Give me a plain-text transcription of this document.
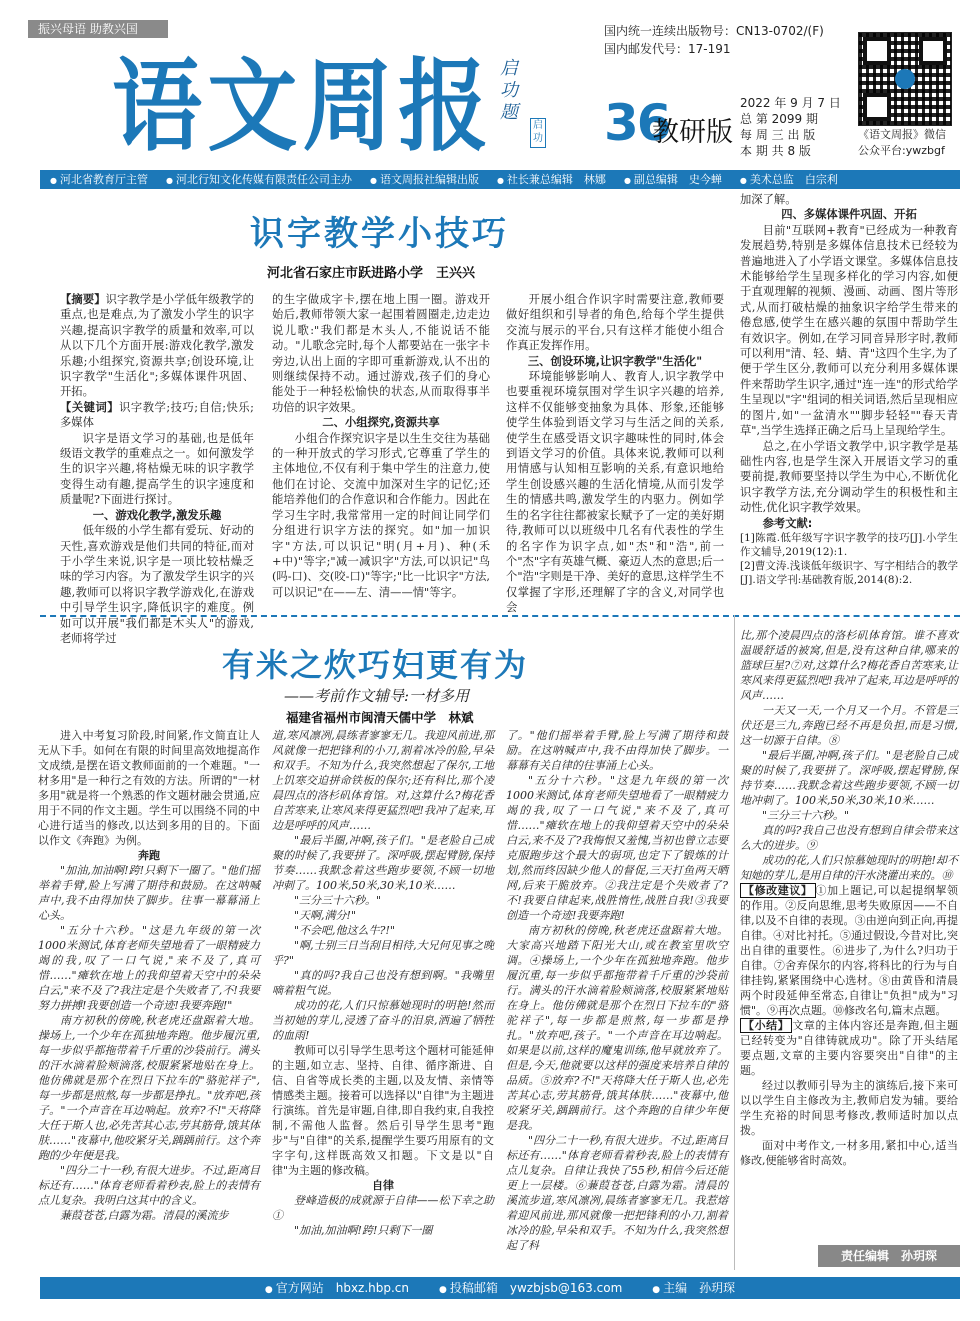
振兴母语 助教兴国
语文周报 启功题
启功
国内统一连续出版物号：CN13-0702/(F)
国内邮发代号：17-191
36
教研版
2022 年 9 月 7 日
总 第 2099 期
每 周 三 出 版
本 期 共 8 版
《语文周报》微信
公众平台:ywzbgf
● 河北省教育厅主管	● 河北行知文化传媒有限责任公司主办	● 语文周报社编辑出版	● 社长兼总编辑　林娜	● 副总编辑　史今蝉	● 美术总监　白宗利
识字教学小技巧
河北省石家庄市跃进路小学　王兴兴

【摘要】识字教学是小学低年级教学的重点,也是难点,为了激发小学生的识字兴趣,提高识字教学的质量和效率,可以从以下几个方面开展:游戏化教学,激发乐趣;小组探究,资源共享;创设环境,让识字教学"生活化";多媒体课件巩固、开拓。

【关键词】识字教学;技巧;自信;快乐;多媒体

识字是语文学习的基础,也是低年级语文教学的重难点之一。如何激发学生的识字兴趣,将枯燥无味的识字教学变得生动有趣,提高学生的识字速度和质量呢?下面进行探讨。

一、游戏化教学,激发乐趣

低年级的小学生都有爱玩、好动的天性,喜欢游戏是他们共同的特征,而对于小学生来说,识字是一项比较枯燥乏味的学习内容。为了激发学生识字的兴趣,教师可以将识字教学游戏化,在游戏中引导学生识字,降低识字的难度。例如可以开展"我们都是木头人"的游戏,老师将学过

的生字做成字卡,摆在地上围一圈。游戏开始后,教师带领大家一起围着圆圈走,边走边说儿歌:"我们都是木头人,不能说话不能动。"儿歌念完时,每个人都要站在一张字卡旁边,认出上面的字即可重新游戏,认不出的则继续保持不动。通过游戏,孩子们的身心能处于一种轻松愉快的状态,从而取得事半功倍的识字效果。

二、小组探究,资源共享

小组合作探究识字是以生生交往为基础的一种开放式的学习形式,它尊重了学生的主体地位,不仅有利于集中学生的注意力,使他们在讨论、交流中加深对生字的记忆;还能培养他们的合作意识和合作能力。因此在学习生字时,我常常用一定的时间让同学们分组进行识字方法的探究。如"加一加识字"方法,可以识记"明(月+月)、种(禾+中)"等字;"减一减识字"方法,可以识记"鸟(吗-口)、交(咬-口)"等字;"比一比识字"方法,可以识记"在——左、清——情"等字。

开展小组合作识字时需要注意,教师要做好组织和引导者的角色,给每个学生提供交流与展示的平台,只有这样才能使小组合作真正发挥作用。

三、创设环境,让识字教学"生活化"

环境能够影响人、教育人,识字教学中也要重视环境氛围对学生识字兴趣的培养,这样不仅能够变抽象为具体、形象,还能够使学生体验到语文学习与生活之间的关系,使学生在感受语文识字趣味性的同时,体会到语文学习的价值。具体来说,教师可以利用情感与认知相互影响的关系,有意识地给学生创设感兴趣的生活化情境,从而引发学生的情感共鸣,激发学生的内驱力。例如学生的名字往往都被家长赋予了一定的美好期待,教师可以以班级中几名有代表性的学生的名字作为识字点,如"杰"和"浩",前一个"杰"字有英雄气概、豪迈人杰的意思;后一个"浩"字则是干净、美好的意思,这样学生不仅掌握了字形,还理解了字的含义,对同学也会

加深了解。

四、多媒体课件巩固、开拓

目前"互联网+教育"已经成为一种教育发展趋势,特别是多媒体信息技术已经较为普遍地进入了小学语文课堂。多媒体信息技术能够给学生呈现多样化的学习内容,如便于直观理解的视频、漫画、动画、图片等形式,从而打破枯燥的抽象识字给学生带来的倦怠感,使学生在感兴趣的氛围中帮助学生有效识字。例如,在学习同音异形字时,教师可以利用"清、轻、蜻、青"这四个生字,为了便于学生区分,教师可以充分利用多媒体课件来帮助学生识字,通过"连一连"的形式给学生呈现以"字"组词的相关词语,然后呈现相应的图片,如"一盆清水""脚步轻轻""春天青草",当学生选择正确之后马上呈现给学生。

总之,在小学语文教学中,识字教学是基础性内容,也是学生深入开展语文学习的重要前提,教师要坚持以学生为中心,不断优化识字教学方法,充分调动学生的积极性和主动性,优化识字教学效果。

参考文献:

[1]陈霞.低年级写字识字教学的技巧[J].小学生作文辅导,2019(12):1.

[2]曹文涛.浅谈低年级识字、写字相结合的教学[J].语文学刊:基础教育版,2014(8):2.

有米之炊巧妇更有为
——考前作文辅导:一材多用
福建省福州市闽清天儒中学　林斌

进入中考复习阶段,时间紧,作文简直让人无从下手。如何在有限的时间里高效地提高作文成绩,是摆在语文教师面前的一个难题。"一材多用"是一种行之有效的方法。所谓的"一材多用"就是将一个熟悉的作文题材融会贯通,应用于不同的作文主题。学生可以围绕不同的中心进行适当的修改,以达到多用的目的。下面以作文《奔跑》为例。

奔跑

"加油,加油啊!跨!只剩下一圈了。"他们摇举着手臂,脸上写满了期待和鼓励。在这呐喊声中,我不由得加快了脚步。往事一幕幕涌上心头。

"五分十六秒。"这是九年级的第一次1000米测试,体育老师失望地看了一眼精疲力竭的我,叹了一口气说,"来不及了,真可惜……"瘫软在地上的我仰望着天空中的朵朵白云,"来不及了?我注定是个失败者了,不!我要努力拼搏!我要创造一个奇迹!我要奔跑!"

南方初秋的傍晚,秋老虎还盘踞着大地。操场上,一个少年在孤独地奔跑。他步履沉重,每一步似乎都拖带着千斤重的沙袋前行。满头的汗水滴着脸颊滴落,校服紧紧地贴在身上。他仿佛就是那个在烈日下拉车的"骆驼祥子",每一步都是煎熬,每一步都是挣扎。"放弃吧,孩子。"一个声音在耳边响起。放弃?不!"天将降大任于斯人也,必先苦其心志,劳其筋骨,饿其体肤……"夜幕中,他咬紧牙关,踽踽前行。这个奔跑的少年便是我。

"四分二十一秒,有很大进步。不过,距离目标还有……"体育老师看着秒表,脸上的表情有点儿复杂。我明白这其中的含义。

蒹葭苍苍,白露为霜。清晨的溪流步

道,寒风凛冽,晨练者寥寥无几。我迎风前进,那风就像一把把锋利的小刀,割着冰冷的脸,早朵和双手。不知为什么,我突然想起了保尔,工地上饥寒交迫拼命铁板的保尔;还有科比,那个凌晨四点的洛杉矶体育馆。对,这算什么?梅花香自苦寒来,让寒风来得更猛烈吧!我冲了起来,耳边是呼呼的风声……

"最后半圈,冲啊,孩子们。"是老脸自己成聚的时候了,我要拼了。深呼吸,摆起臂膀,保持节奏……我默念着这些跑步要领,不顾一切地冲刺了。100米,50米,30米,10米……

"三分三十六秒。"

"天啊,满分!"

"不会吧,他这么牛?!"

"啊,士别三日当刮目相待,大兄何见事之晚乎?"

"真的吗?我自己也没有想到啊。"我嘴里嘀着粗气说。

成功的花,人们只惊慕她现时的明艳!然而当初她的芽儿,浸透了奋斗的泪泉,洒遍了牺牲的血雨!

教师可以引导学生思考这个题材可能延伸的主题,如立志、坚持、自律、循序渐进、自信、自省等成长类的主题,以及友情、亲情等情感类主题。接着可以选择以"自律"为主题进行演练。首先是审题,自律,即自我约束,自我控制,不需他人监督。然后引导学生思考"跑步"与"自律"的关系,提醒学生要巧用原有的文字字句,这样既高效又扣题。下文是以"自律"为主题的修改稿。

自律

登峰造极的成就源于自律——松下幸之助①

"加油,加油啊!跨!只剩下一圈

了。"他们摇举着手臂,脸上写满了期待和鼓励。在这呐喊声中,我不由得加快了脚步。一幕幕有关自律的往事涌上心头。

"五分十六秒。"这是九年级的第一次1000米测试,体育老师失望地看了一眼精疲力竭的我,叹了一口气说,"来不及了,真可惜……"瘫软在地上的我仰望着天空中的朵朵白云,来不及了?我悔恨又羞愧,当初也曾立志要克服跑步这个最大的弱项,也定下了锻炼的计划,然而终因缺少他人的督促,三天打鱼两天晒网,后来干脆放弃。②我注定是个失败者了?不!我要自律起来,战胜惰性,战胜自我!③我要创造一个奇迹!我要奔跑!

南方初秋的傍晚,秋老虎还盘踞着大地。大家高兴地踏下阳光大山,或在教室里吹空调。④操场上,一个少年在孤独地奔跑。他步履沉重,每一步似乎都拖带着千斤重的沙袋前行。满头的汗水滴着脸颊滴落,校服紧紧地贴在身上。他仿佛就是那个在烈日下拉车的"骆驼祥子",每一步都是煎熬,每一步都是挣扎。"放弃吧,孩子。"一个声音在耳边响起。如果是以前,这样的魔鬼训练,他早就放弃了。但是,今天,他就要以这样的强度来培养自律的品质。⑤放弃?不!"天将降大任于斯人也,必先苦其心志,劳其筋骨,饿其体肤……"夜幕中,他咬紧牙关,踽踽前行。这个奔跑的自律少年便是我。

"四分二十一秒,有很大进步。不过,距离目标还有……"体育老师看着秒表,脸上的表情有点儿复杂。自律让我快了55秒,相信今后还能更上一层楼。⑥蒹葭苍苍,白露为霜。清晨的溪流步道,寒风凛冽,晨练者寥寥无几。我惹熔着迎风前进,那风就像一把把锋利的小刀,割着冰冷的脸,早朵和双手。不知为什么,我突然想起了科

比,那个凌晨四点的洛杉矶体育馆。谁不喜欢温暖舒适的被窝,但是,没有这种自律,哪来的篮球巨星?⑦对,这算什么?梅花香自苦寒来,让寒风来得更猛烈吧!我冲了起来,耳边是呼呼的风声……

一天又一天,一个月又一个月。不管是三伏还是三九,奔跑已经不再是负担,而是习惯,这一切源于自律。⑧

"最后半圈,冲啊,孩子们。"是老脸自己成聚的时候了,我要拼了。深呼吸,摆起臂膀,保持节奏……我默念着这些跑步要领,不顾一切地冲刺了。100米,50米,30米,10米……

"三分三十六秒。"

真的吗?我自己也没有想到自律会带来这么大的进步。⑨

成功的花,人们只惊慕她现时的明艳!却不知她的芽儿,是用自律的汗水浇灌出来的。⑩

【修改建议】 ①加上题记,可以起提纲挈领的作用。②反向思维,思考失败原因——不自律,以及不自律的表现。③由逆向到正向,再提自律。④对比衬托。⑤通过假设,今昔对比,突出自律的重要性。⑥进步了,为什么?归功于自律。⑦舍弃保尔的内容,将科比的行为与自律挂钩,紧紧围绕中心选材。⑧由黄昏和清晨两个时段延伸至常态,自律让"负担"成为"习惯"。⑨再次点题。⑩修改名句,篇末点题。

【小结】 文章的主体内容还是奔跑,但主题已经转变为"自律铸就成功"。除了开头结尾要点题,文章的主要内容要突出"自律"的主题。

经过以教师引导为主的演练后,接下来可以以学生自主修改为主,教师启发为辅。要给学生充裕的时间思考修改,教师适时加以点拨。

面对中考作文,一材多用,紧扣中心,适当修改,便能够省时高效。

责任编辑　孙玥琛
● 官方网站　hbxz.hbp.cn	● 投稿邮箱　ywzbjsb@163.com	● 主编　孙玥琛
